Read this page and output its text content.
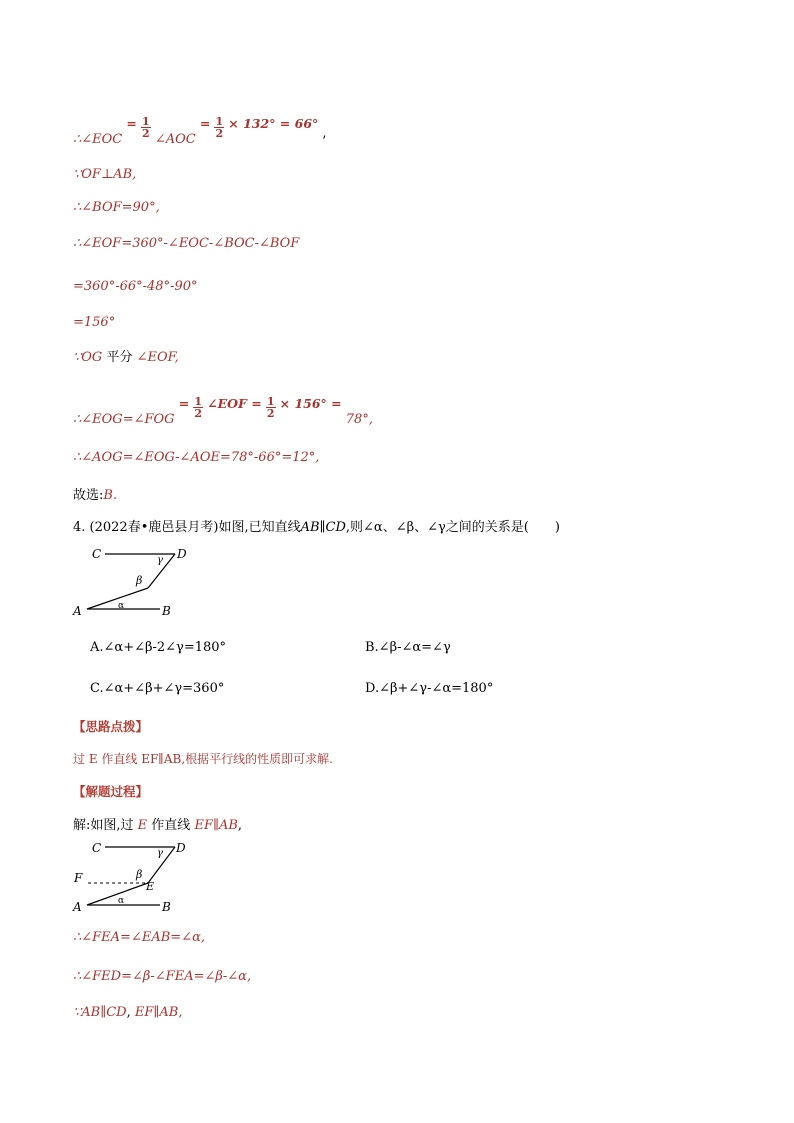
∴∠EOC = $\frac{1}{2}$
∠AOC = $\frac{1}{2} \times 132^\circ = 66^\circ$ ,
∵OF⊥AB,
∴∠BOF=90°,
∴∠EOF=360°-∠EOC-∠BOC-∠BOF
=360°-66°-48°-90°
=156°
∵OG 平分 ∠EOF,
∴∠EOG=∠FOG = $\frac{1}{2}$ ∠EOF = $\frac{1}{2} \times 156^\circ = 78^\circ$,
∴∠AOG=∠EOG-∠AOE=78°-66°=12°,
故选:B.
4. (2022春•鹿邑县月考)如图,已知直线AB∥CD,则∠α、∠β、∠γ之间的关系是(　　)
C	D
γ
β
α
A	B
A.∠α+∠β-2∠γ=180°	B.∠β-∠α=∠γ
C.∠α+∠β+∠γ=360°	D.∠β+∠γ-∠α=180°
【思路点拨】
过 E 作直线 EF∥AB,根据平行线的性质即可求解.
【解题过程】
解:如图,过 E 作直线 EF∥AB,
C	D
γ
β
F
E
α
A	B
∴∠FEA=∠EAB=∠α,
∴∠FED=∠β-∠FEA=∠β-∠α,
∵AB∥CD, EF∥AB,
